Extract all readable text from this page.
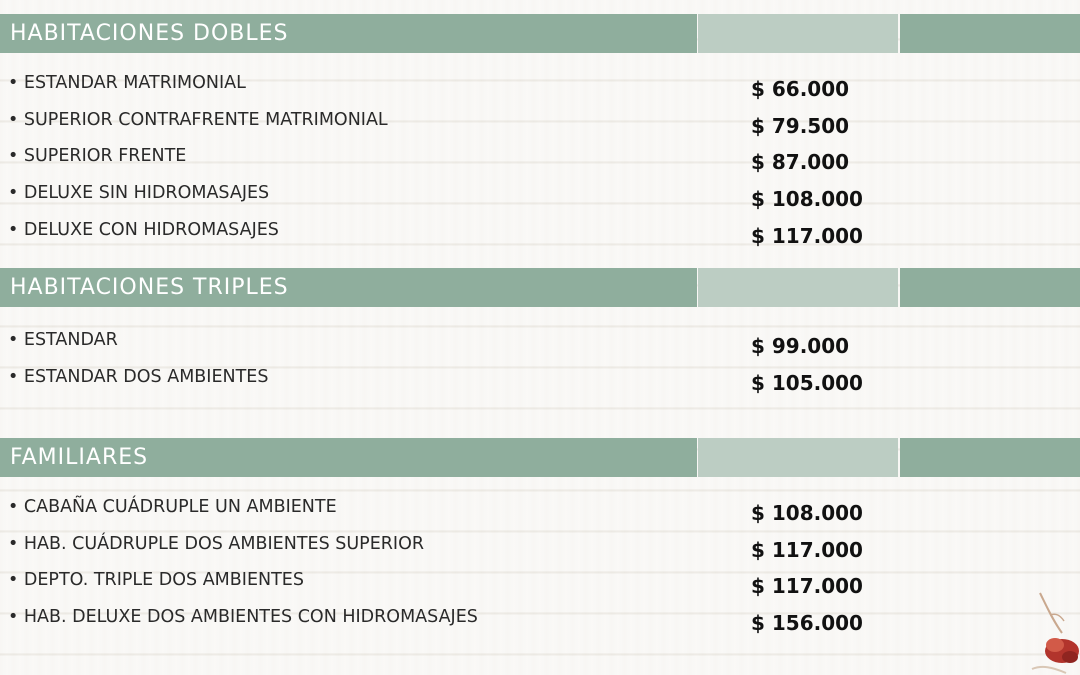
HABITACIONES DOBLES
• ESTANDAR MATRIMONIAL	$ 66.000
• SUPERIOR CONTRAFRENTE MATRIMONIAL	$ 79.500
• SUPERIOR FRENTE	$ 87.000
• DELUXE SIN HIDROMASAJES	$ 108.000
• DELUXE CON HIDROMASAJES	$ 117.000
HABITACIONES TRIPLES
• ESTANDAR	$ 99.000
• ESTANDAR DOS AMBIENTES	$ 105.000
FAMILIARES
• CABAÑA CUÁDRUPLE UN AMBIENTE	$ 108.000
• HAB. CUÁDRUPLE DOS AMBIENTES SUPERIOR	$ 117.000
• DEPTO. TRIPLE DOS AMBIENTES	$ 117.000
• HAB. DELUXE DOS AMBIENTES CON HIDROMASAJES	$ 156.000
